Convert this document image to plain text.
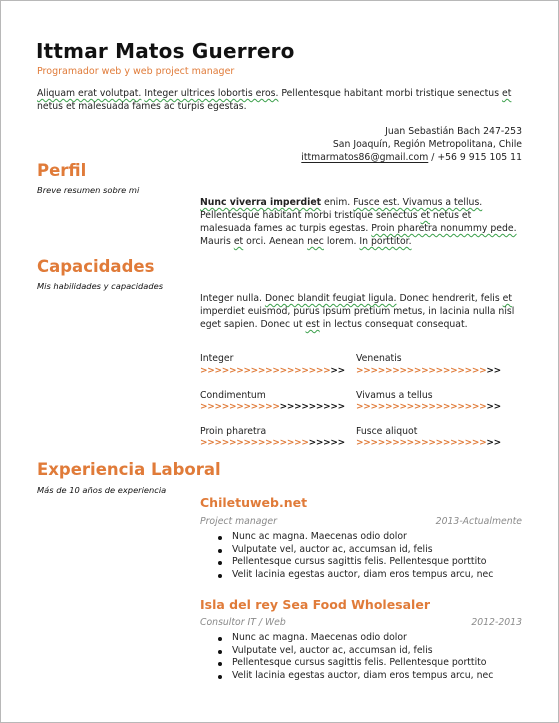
Ittmar Matos Guerrero
Programador web y web project manager
Aliquam erat volutpat. Integer ultrices lobortis eros. Pellentesque habitant morbi tristique senectus et netus et malesuada fames ac turpis egestas.
Juan Sebastián Bach 247-253
San Joaquín, Región Metropolitana, Chile
ittmarmatos86@gmail.com / +56 9 915 105 11
Perfil
Breve resumen sobre mi
Nunc viverra imperdiet enim. Fusce est. Vivamus a tellus. Pellentesque habitant morbi tristique senectus et netus et malesuada fames ac turpis egestas. Proin pharetra nonummy pede. Mauris et orci. Aenean nec lorem. In porttitor.
Capacidades
Mis habilidades y capacidades
Integer nulla. Donec blandit feugiat ligula. Donec hendrerit, felis et imperdiet euismod, purus ipsum pretium metus, in lacinia nulla nisl eget sapien. Donec ut est in lectus consequat consequat.
Integer
>>>>>>>>>>>>>>>>>>>>
Venenatis
>>>>>>>>>>>>>>>>>>>>
Condimentum
>>>>>>>>>>>>>>>>>>>>
Vivamus a tellus
>>>>>>>>>>>>>>>>>>>>
Proin pharetra
>>>>>>>>>>>>>>>>>>>>
Fusce aliquot
>>>>>>>>>>>>>>>>>>>>
Experiencia Laboral
Más de 10 años de experiencia
Chiletuweb.net
Project manager	2013-Actualmente
Nunc ac magna. Maecenas odio dolor
Vulputate vel, auctor ac, accumsan id, felis
Pellentesque cursus sagittis felis. Pellentesque porttito
Velit lacinia egestas auctor, diam eros tempus arcu, nec
Isla del rey Sea Food Wholesaler
Consultor IT / Web	2012-2013
Nunc ac magna. Maecenas odio dolor
Vulputate vel, auctor ac, accumsan id, felis
Pellentesque cursus sagittis felis. Pellentesque porttito
Velit lacinia egestas auctor, diam eros tempus arcu, nec
